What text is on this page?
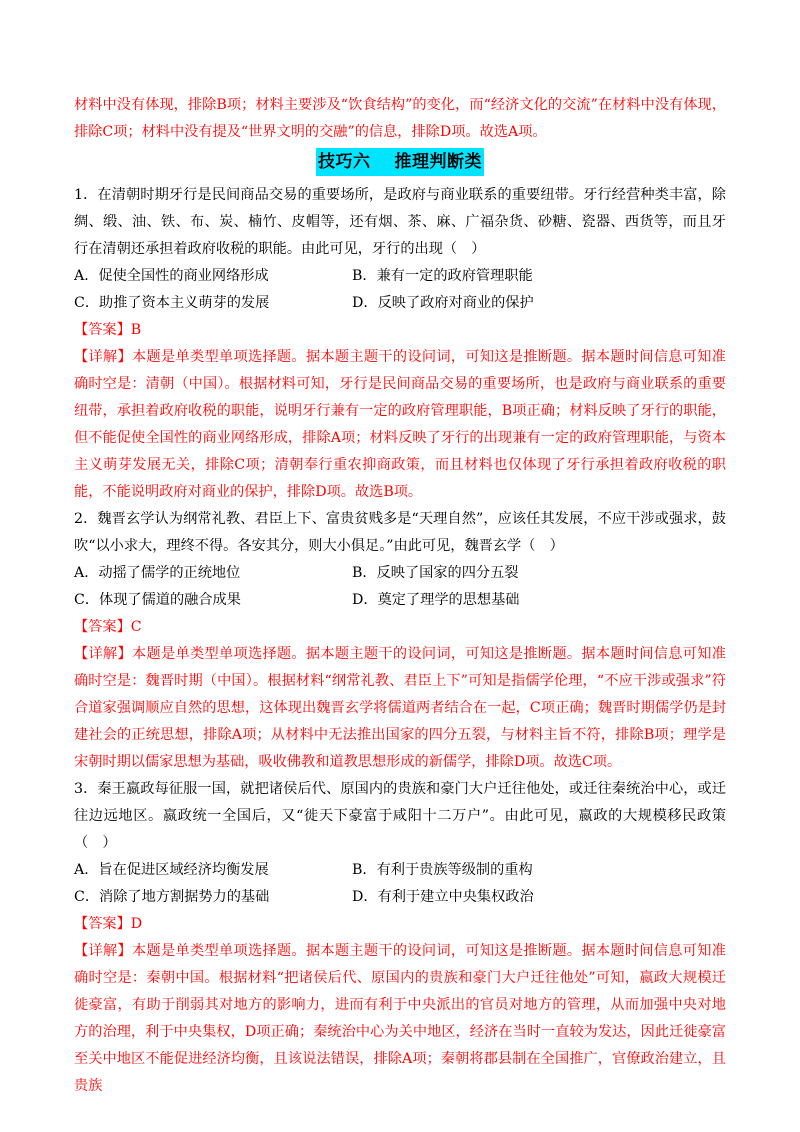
材料中没有体现，排除B项；材料主要涉及“饮食结构”的变化，而“经济文化的交流”在材料中没有体现，排除C项；材料中没有提及“世界文明的交融”的信息，排除D项。故选A项。

技巧六 推理判断类

1．在清朝时期牙行是民间商品交易的重要场所，是政府与商业联系的重要纽带。牙行经营种类丰富，除绸、缎、油、铁、布、炭、楠竹、皮帽等，还有烟、茶、麻、广福杂货、砂糖、瓷器、西货等，而且牙行在清朝还承担着政府收税的职能。由此可见，牙行的出现（　）

A．促使全国性的商业网络形成	B．兼有一定的政府管理职能
C．助推了资本主义萌芽的发展	D．反映了政府对商业的保护

【答案】B

【详解】本题是单类型单项选择题。据本题主题干的设问词，可知这是推断题。据本题时间信息可知准确时空是：清朝（中国）。根据材料可知，牙行是民间商品交易的重要场所，也是政府与商业联系的重要纽带，承担着政府收税的职能，说明牙行兼有一定的政府管理职能，B项正确；材料反映了牙行的职能，但不能促使全国性的商业网络形成，排除A项；材料反映了牙行的出现兼有一定的政府管理职能，与资本主义萌芽发展无关，排除C项；清朝奉行重农抑商政策，而且材料也仅体现了牙行承担着政府收税的职能，不能说明政府对商业的保护，排除D项。故选B项。

2．魏晋玄学认为纲常礼教、君臣上下、富贵贫贱多是“天理自然”，应该任其发展，不应干涉或强求，鼓吹“以小求大，理终不得。各安其分，则大小俱足。”由此可见，魏晋玄学（　）

A．动摇了儒学的正统地位	B．反映了国家的四分五裂
C．体现了儒道的融合成果	D．奠定了理学的思想基础

【答案】C

【详解】本题是单类型单项选择题。据本题主题干的设问词，可知这是推断题。据本题时间信息可知准确时空是：魏晋时期（中国）。根据材料“纲常礼教、君臣上下”可知是指儒学伦理，“不应干涉或强求”符合道家强调顺应自然的思想，这体现出魏晋玄学将儒道两者结合在一起，C项正确；魏晋时期儒学仍是封建社会的正统思想，排除A项；从材料中无法推出国家的四分五裂，与材料主旨不符，排除B项；理学是宋朝时期以儒家思想为基础，吸收佛教和道教思想形成的新儒学，排除D项。故选C项。

3．秦王嬴政每征服一国，就把诸侯后代、原国内的贵族和豪门大户迁往他处，或迁往秦统治中心，或迁往边远地区。嬴政统一全国后，又“徙天下豪富于咸阳十二万户”。由此可见，嬴政的大规模移民政策（　）

A．旨在促进区域经济均衡发展	B．有利于贵族等级制的重构
C．消除了地方割据势力的基础	D．有利于建立中央集权政治

【答案】D

【详解】本题是单类型单项选择题。据本题主题干的设问词，可知这是推断题。据本题时间信息可知准确时空是：秦朝中国。根据材料“把诸侯后代、原国内的贵族和豪门大户迁往他处”可知，嬴政大规模迁徙豪富，有助于削弱其对地方的影响力，进而有利于中央派出的官员对地方的管理，从而加强中央对地方的治理，利于中央集权，D项正确；秦统治中心为关中地区，经济在当时一直较为发达，因此迁徙豪富至关中地区不能促进经济均衡，且该说法错误，排除A项；秦朝将郡县制在全国推广，官僚政治建立，且贵族
